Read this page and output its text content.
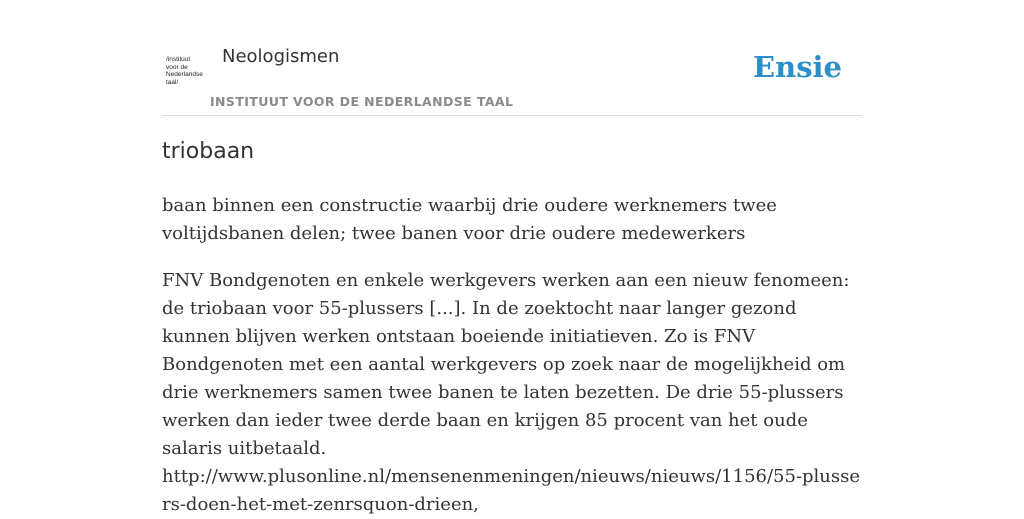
/instituut
voor de
Nederlandse
taal/
Neologismen
INSTITUUT VOOR DE NEDERLANDSE TAAL
Ensie
triobaan

baan binnen een constructie waarbij drie oudere werknemers twee voltijdsbanen delen; twee banen voor drie oudere medewerkers

FNV Bondgenoten en enkele werkgevers werken aan een nieuw fenomeen: de triobaan voor 55-plussers [...]. In de zoektocht naar langer gezond kunnen blijven werken ontstaan boeiende initiatieven. Zo is FNV Bondgenoten met een aantal werkgevers op zoek naar de mogelijkheid om drie werknemers samen twee banen te laten bezetten. De drie 55-plussers werken dan ieder twee derde baan en krijgen 85 procent van het oude salaris uitbetaald.
http://www.plusonline.nl/mensenenmeningen/nieuws/nieuws/1156/55-plussers-doen-het-met-zenrsquon-drieen,
